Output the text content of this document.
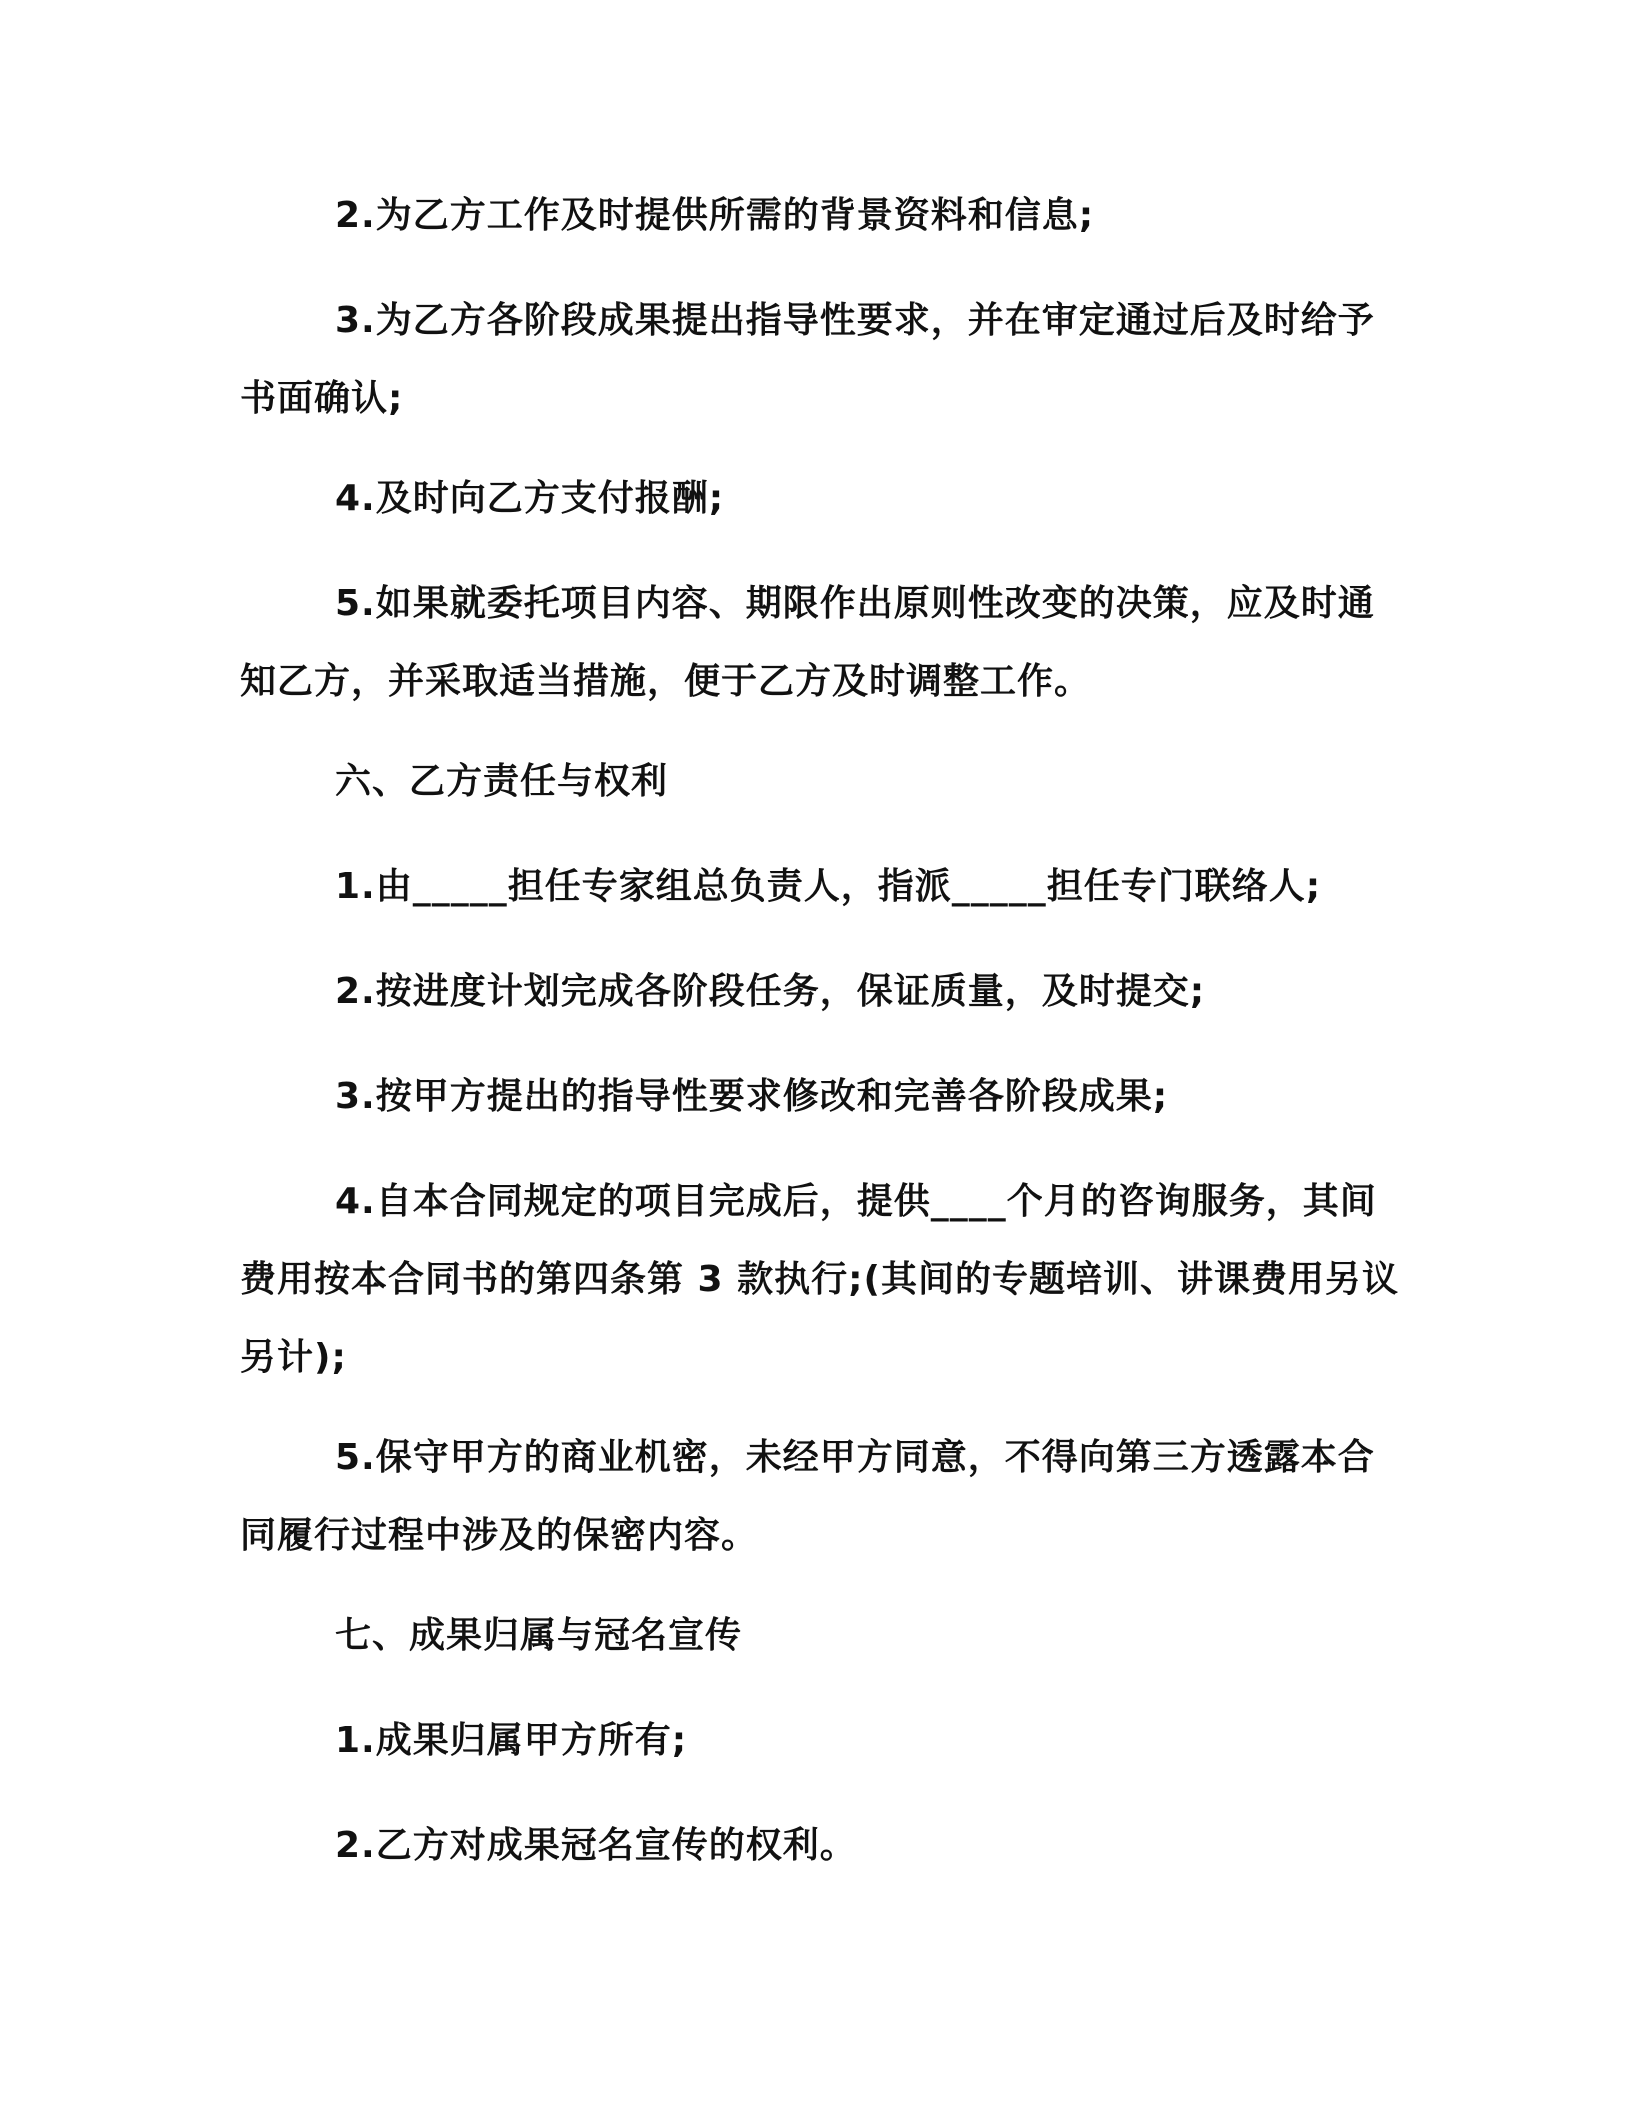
2.为乙方工作及时提供所需的背景资料和信息;
3.为乙方各阶段成果提出指导性要求，并在审定通过后及时给予
书面确认;
4.及时向乙方支付报酬;
5.如果就委托项目内容、期限作出原则性改变的决策，应及时通
知乙方，并采取适当措施，便于乙方及时调整工作。
六、乙方责任与权利
1.由_____担任专家组总负责人，指派_____担任专门联络人;
2.按进度计划完成各阶段任务，保证质量，及时提交;
3.按甲方提出的指导性要求修改和完善各阶段成果;
4.自本合同规定的项目完成后，提供____个月的咨询服务，其间
费用按本合同书的第四条第 3 款执行;(其间的专题培训、讲课费用另议
另计);
5.保守甲方的商业机密，未经甲方同意，不得向第三方透露本合
同履行过程中涉及的保密内容。
七、成果归属与冠名宣传
1.成果归属甲方所有;
2.乙方对成果冠名宣传的权利。
